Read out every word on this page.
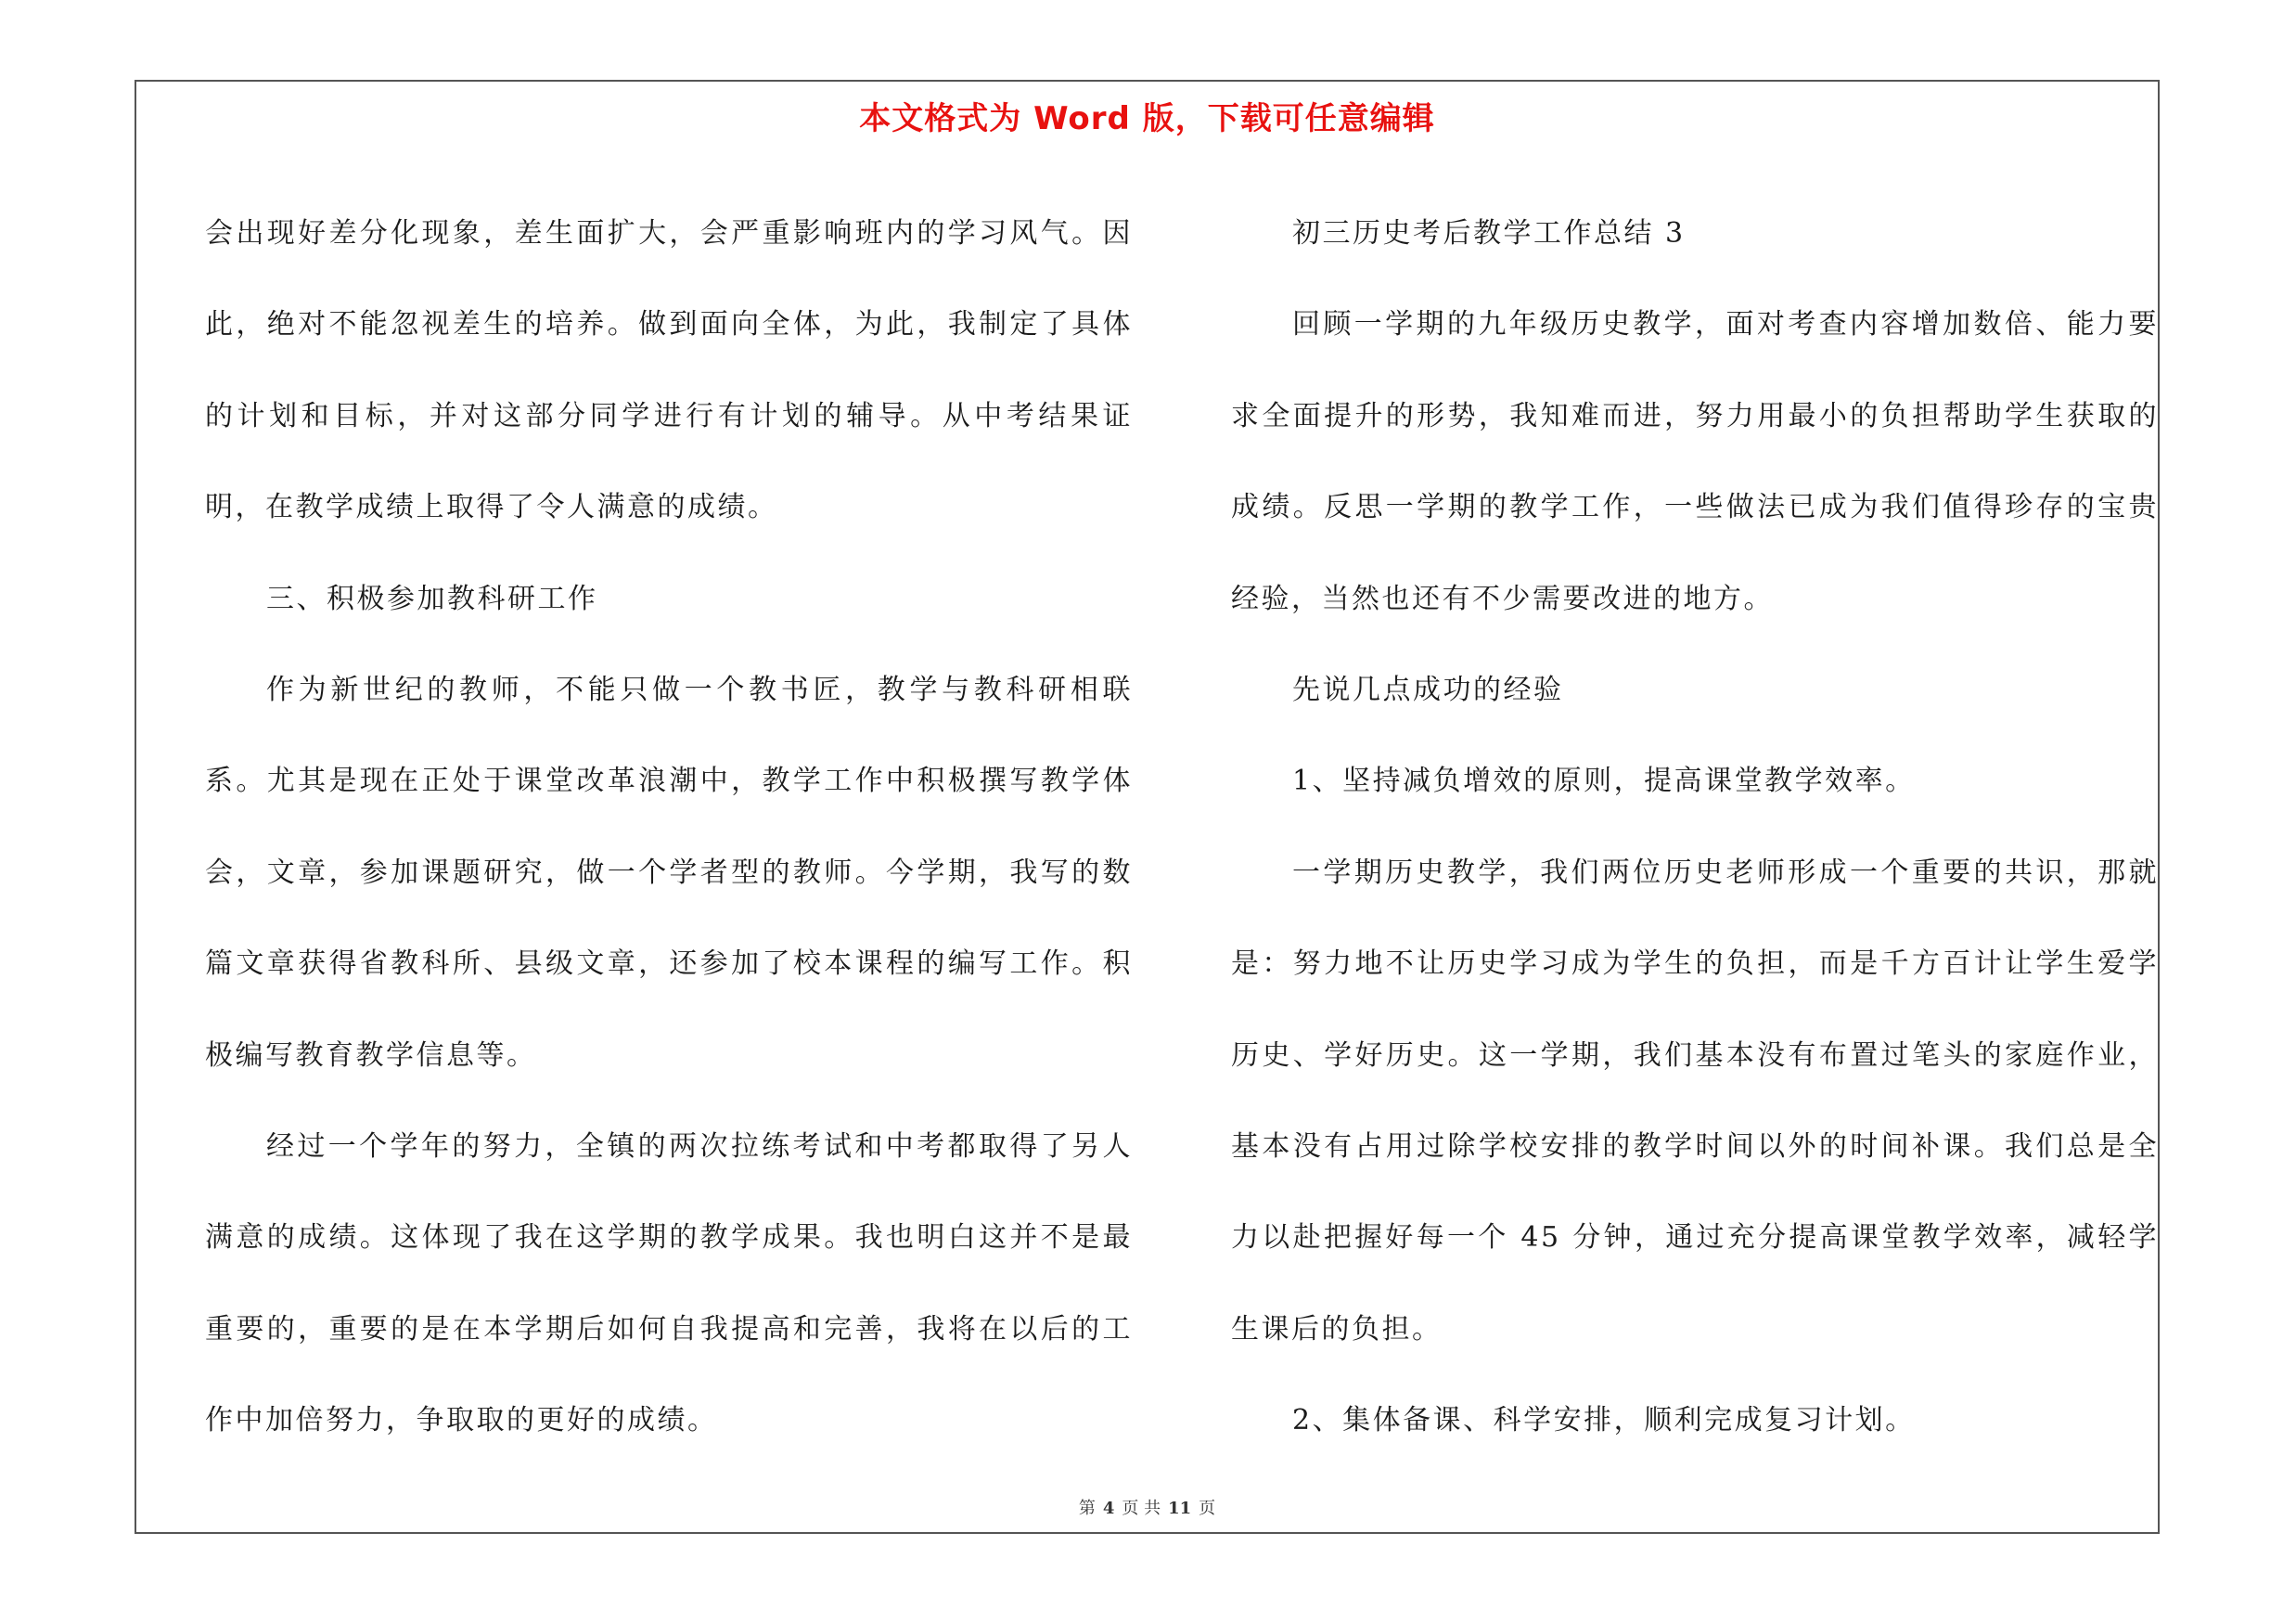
本文格式为 Word 版，下载可任意编辑

会出现好差分化现象，差生面扩大，会严重影响班内的学习风气。因此，绝对不能忽视差生的培养。做到面向全体，为此，我制定了具体的计划和目标，并对这部分同学进行有计划的辅导。从中考结果证明，在教学成绩上取得了令人满意的成绩。

三、积极参加教科研工作

作为新世纪的教师，不能只做一个教书匠，教学与教科研相联系。尤其是现在正处于课堂改革浪潮中，教学工作中积极撰写教学体会，文章，参加课题研究，做一个学者型的教师。今学期，我写的数篇文章获得省教科所、县级文章，还参加了校本课程的编写工作。积极编写教育教学信息等。

经过一个学年的努力，全镇的两次拉练考试和中考都取得了另人满意的成绩。这体现了我在这学期的教学成果。我也明白这并不是最重要的，重要的是在本学期后如何自我提高和完善，我将在以后的工作中加倍努力，争取取的更好的成绩。

初三历史考后教学工作总结 3

回顾一学期的九年级历史教学，面对考查内容增加数倍、能力要求全面提升的形势，我知难而进，努力用最小的负担帮助学生获取的成绩。反思一学期的教学工作，一些做法已成为我们值得珍存的宝贵经验，当然也还有不少需要改进的地方。

先说几点成功的经验

1、坚持减负增效的原则，提高课堂教学效率。

一学期历史教学，我们两位历史老师形成一个重要的共识，那就是：努力地不让历史学习成为学生的负担，而是千方百计让学生爱学历史、学好历史。这一学期，我们基本没有布置过笔头的家庭作业，基本没有占用过除学校安排的教学时间以外的时间补课。我们总是全力以赴把握好每一个 45 分钟，通过充分提高课堂教学效率，减轻学生课后的负担。

2、集体备课、科学安排，顺利完成复习计划。

第 4 页 共 11 页
